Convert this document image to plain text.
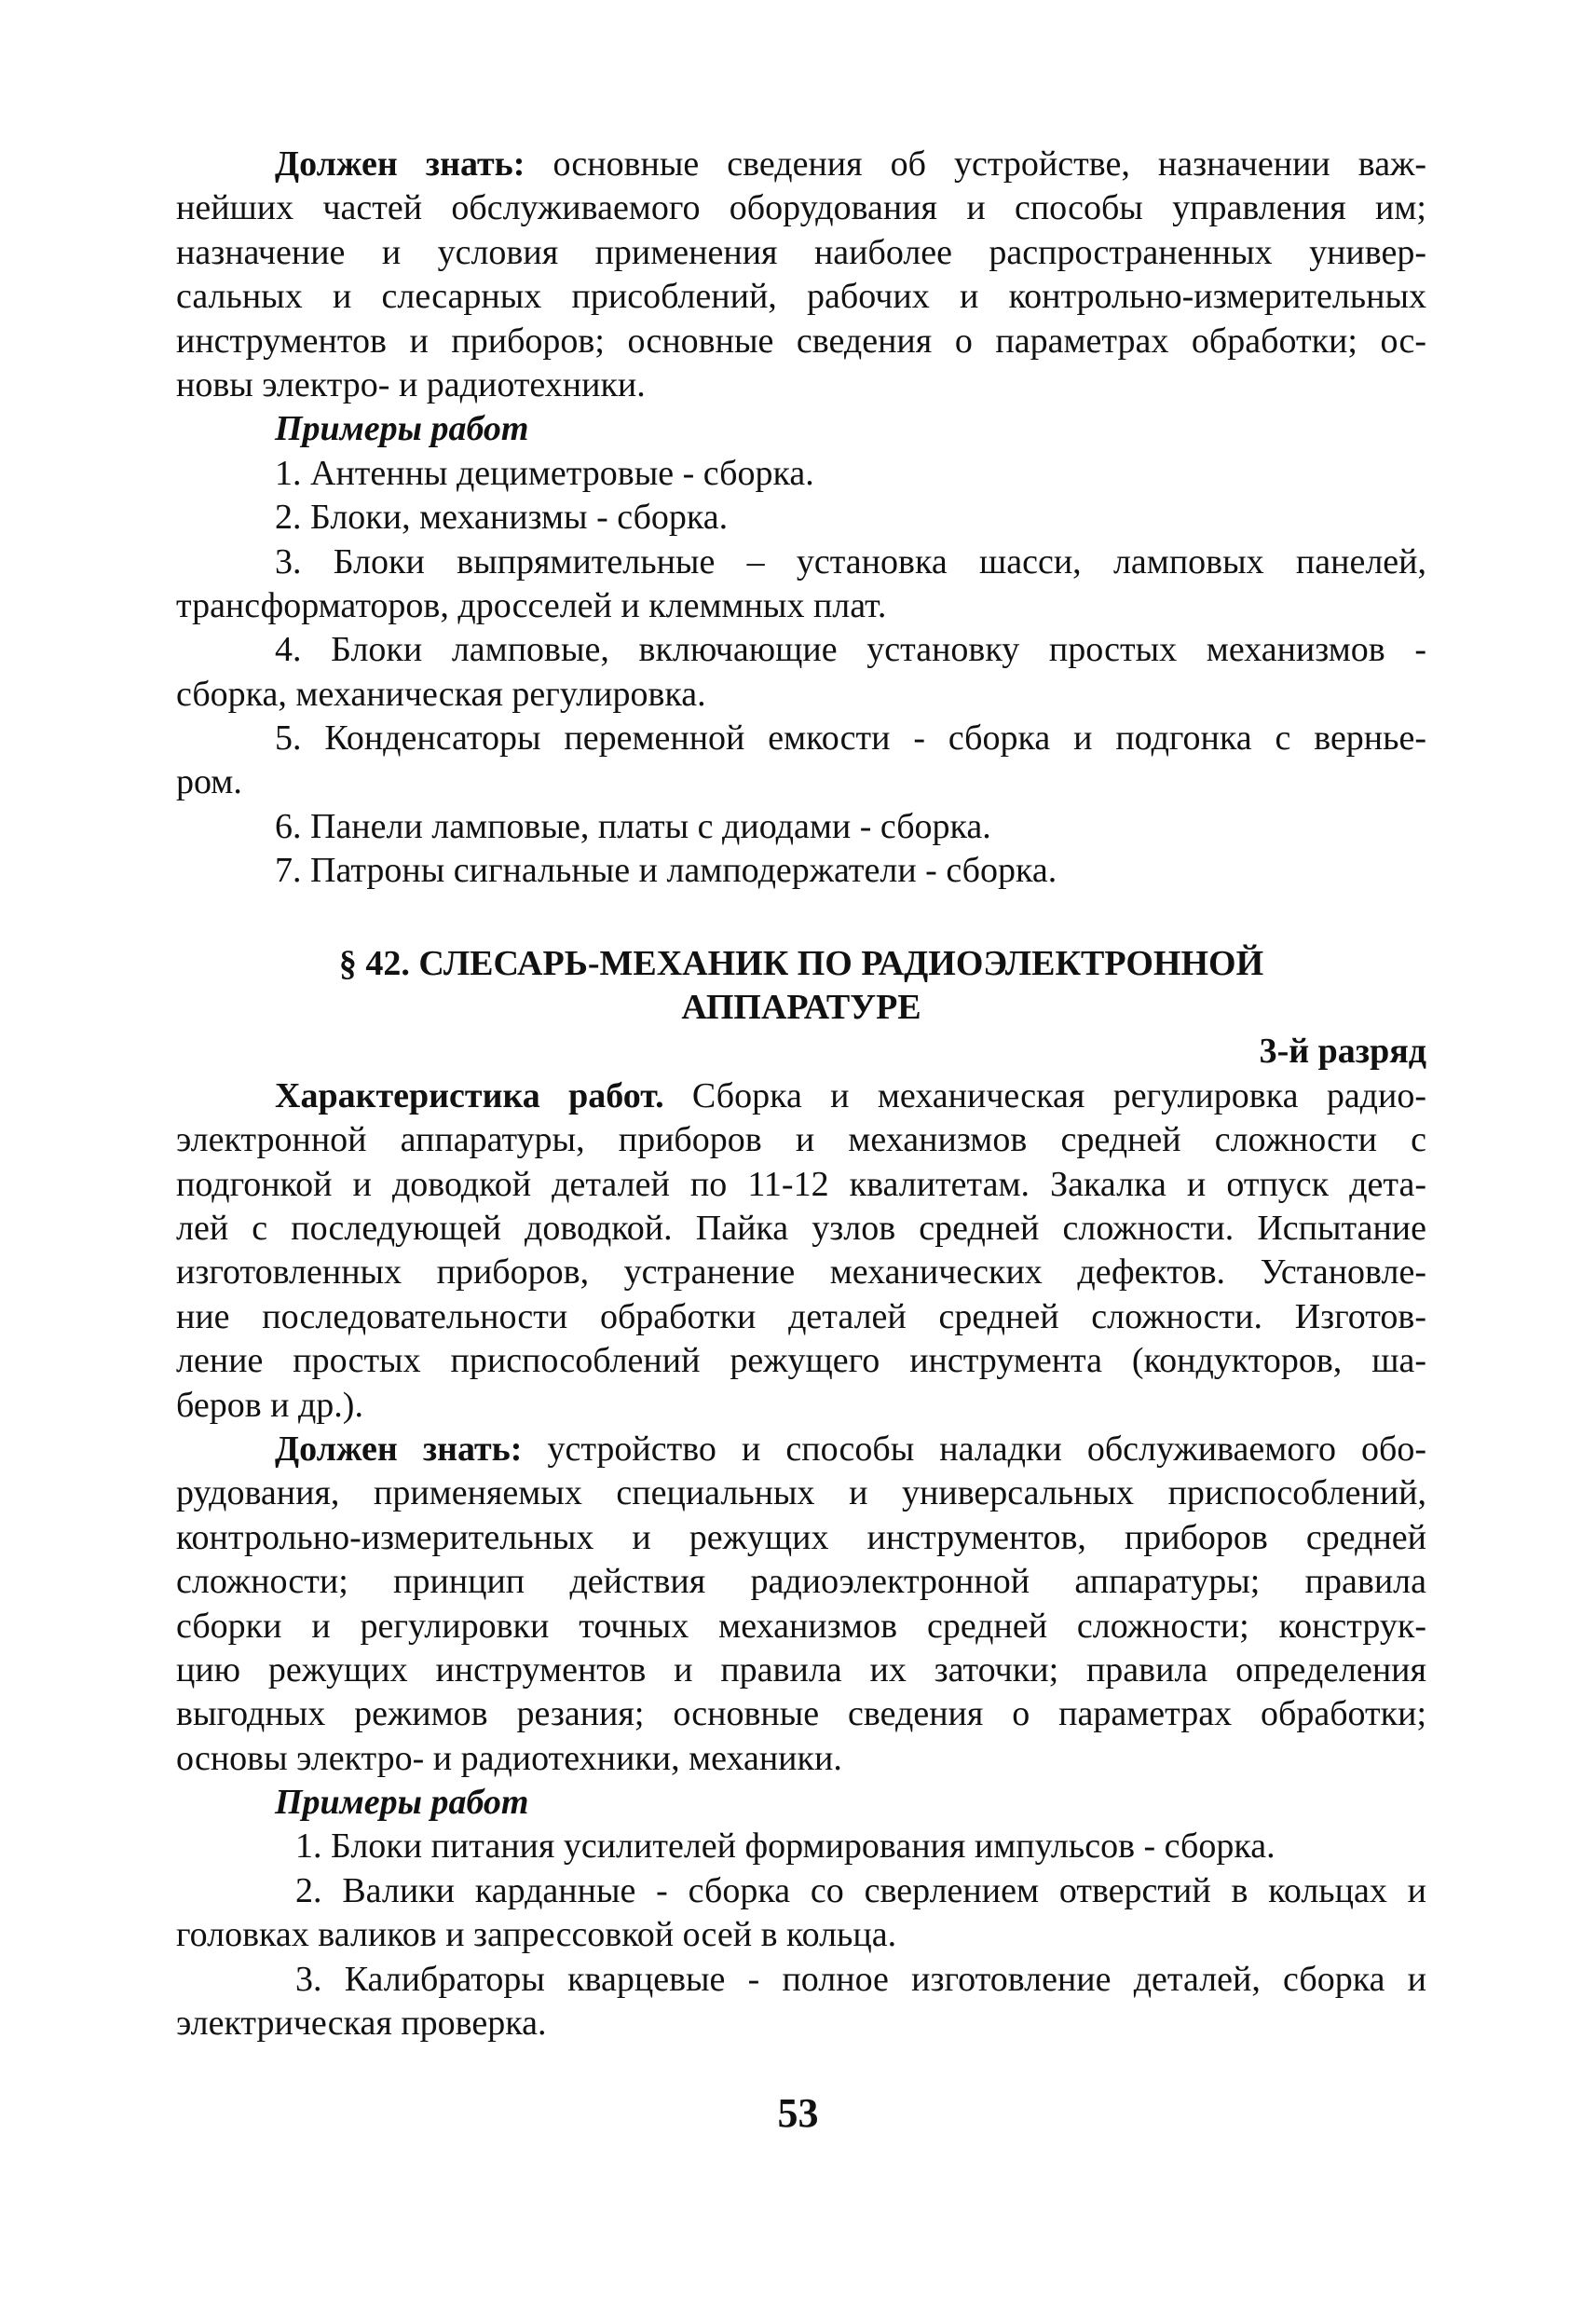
Должен знать: основные сведения об устройстве, назначении важ-
нейших частей обслуживаемого оборудования и способы управления им;
назначение и условия применения наиболее распространенных универ-
сальных и слесарных присоблений, рабочих и контрольно-измерительных
инструментов и приборов; основные сведения о параметрах обработки; ос-
новы электро- и радиотехники.
Примеры работ
1. Антенны дециметровые - сборка.
2. Блоки, механизмы - сборка.
3. Блоки выпрямительные – установка шасси, ламповых панелей,
трансформаторов, дросселей и клеммных плат.
4. Блоки ламповые, включающие установку простых механизмов -
сборка, механическая регулировка.
5. Конденсаторы переменной емкости - сборка и подгонка с вернье-
ром.
6. Панели ламповые, платы с диодами - сборка.
7. Патроны сигнальные и ламподержатели - сборка.
§ 42. СЛЕСАРЬ-МЕХАНИК ПО РАДИОЭЛЕКТРОННОЙ
АППАРАТУРЕ
3-й разряд
Характеристика работ. Сборка и механическая регулировка радио-
электронной аппаратуры, приборов и механизмов средней сложности с
подгонкой и доводкой деталей по 11-12 квалитетам. Закалка и отпуск дета-
лей с последующей доводкой. Пайка узлов средней сложности. Испытание
изготовленных приборов, устранение механических дефектов. Установле-
ние последовательности обработки деталей средней сложности. Изготов-
ление простых приспособлений режущего инструмента (кондукторов, ша-
беров и др.).
Должен знать: устройство и способы наладки обслуживаемого обо-
рудования, применяемых специальных и универсальных приспособлений,
контрольно-измерительных и режущих инструментов, приборов средней
сложности; принцип действия радиоэлектронной аппаратуры; правила
сборки и регулировки точных механизмов средней сложности; конструк-
цию режущих инструментов и правила их заточки; правила определения
выгодных режимов резания; основные сведения о параметрах обработки;
основы электро- и радиотехники, механики.
Примеры работ
1. Блоки питания усилителей формирования импульсов - сборка.
2. Валики карданные - сборка со сверлением отверстий в кольцах и
головках валиков и запрессовкой осей в кольца.
3. Калибраторы кварцевые - полное изготовление деталей, сборка и
электрическая проверка.
53
